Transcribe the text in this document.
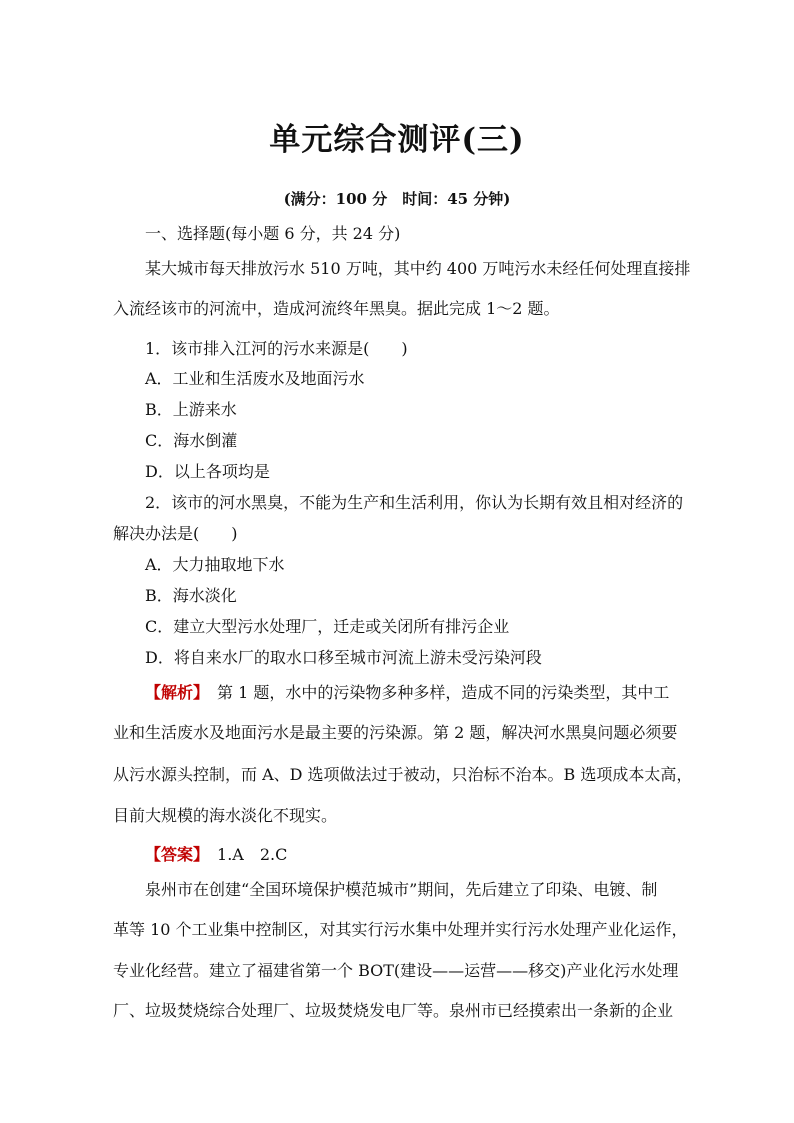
单元综合测评(三)
(满分：100 分　时间：45 分钟)
一、选择题(每小题 6 分，共 24 分)
某大城市每天排放污水 510 万吨，其中约 400 万吨污水未经任何处理直接排
入流经该市的河流中，造成河流终年黑臭。据此完成 1～2 题。
1．该市排入江河的污水来源是(　　)
A．工业和生活废水及地面污水
B．上游来水
C．海水倒灌
D．以上各项均是
2．该市的河水黑臭，不能为生产和生活利用，你认为长期有效且相对经济的
解决办法是(　　)
A．大力抽取地下水
B．海水淡化
C．建立大型污水处理厂，迁走或关闭所有排污企业
D．将自来水厂的取水口移至城市河流上游未受污染河段
【解析】　第 1 题，水中的污染物多种多样，造成不同的污染类型，其中工
业和生活废水及地面污水是最主要的污染源。第 2 题，解决河水黑臭问题必须要
从污水源头控制，而 A、D 选项做法过于被动，只治标不治本。B 选项成本太高，
目前大规模的海水淡化不现实。
【答案】　1.A　2.C
泉州市在创建“全国环境保护模范城市”期间，先后建立了印染、电镀、制
革等 10 个工业集中控制区，对其实行污水集中处理并实行污水处理产业化运作，
专业化经营。建立了福建省第一个 BOT(建设——运营——移交)产业化污水处理
厂、垃圾焚烧综合处理厂、垃圾焚烧发电厂等。泉州市已经摸索出一条新的企业
